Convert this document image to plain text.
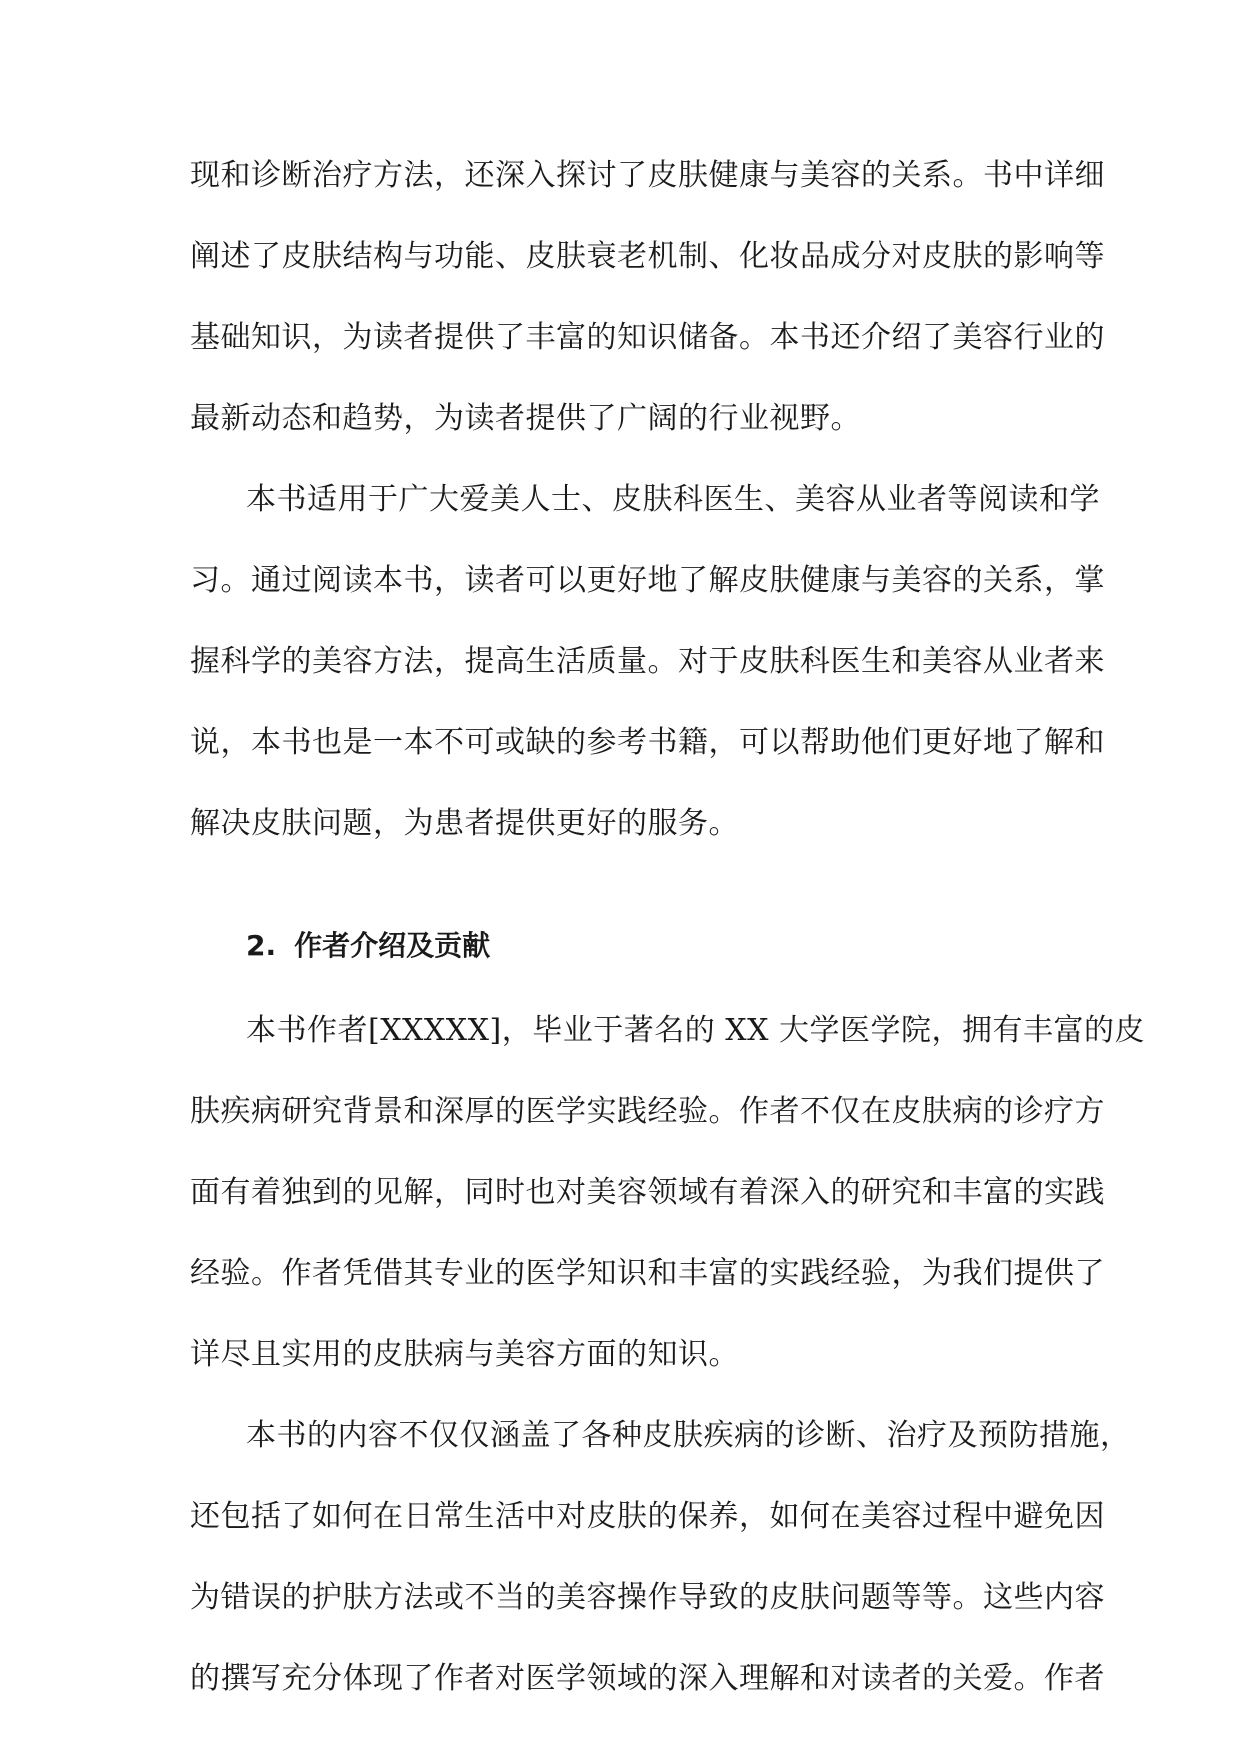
现和诊断治疗方法，还深入探讨了皮肤健康与美容的关系。书中详细
阐述了皮肤结构与功能、皮肤衰老机制、化妆品成分对皮肤的影响等
基础知识，为读者提供了丰富的知识储备。本书还介绍了美容行业的
最新动态和趋势，为读者提供了广阔的行业视野。
本书适用于广大爱美人士、皮肤科医生、美容从业者等阅读和学
习。通过阅读本书，读者可以更好地了解皮肤健康与美容的关系，掌
握科学的美容方法，提高生活质量。对于皮肤科医生和美容从业者来
说，本书也是一本不可或缺的参考书籍，可以帮助他们更好地了解和
解决皮肤问题，为患者提供更好的服务。
2. 作者介绍及贡献
本书作者[XXXXX]，毕业于著名的 XX 大学医学院，拥有丰富的皮
肤疾病研究背景和深厚的医学实践经验。作者不仅在皮肤病的诊疗方
面有着独到的见解，同时也对美容领域有着深入的研究和丰富的实践
经验。作者凭借其专业的医学知识和丰富的实践经验，为我们提供了
详尽且实用的皮肤病与美容方面的知识。
本书的内容不仅仅涵盖了各种皮肤疾病的诊断、治疗及预防措施，
还包括了如何在日常生活中对皮肤的保养，如何在美容过程中避免因
为错误的护肤方法或不当的美容操作导致的皮肤问题等等。这些内容
的撰写充分体现了作者对医学领域的深入理解和对读者的关爱。作者
